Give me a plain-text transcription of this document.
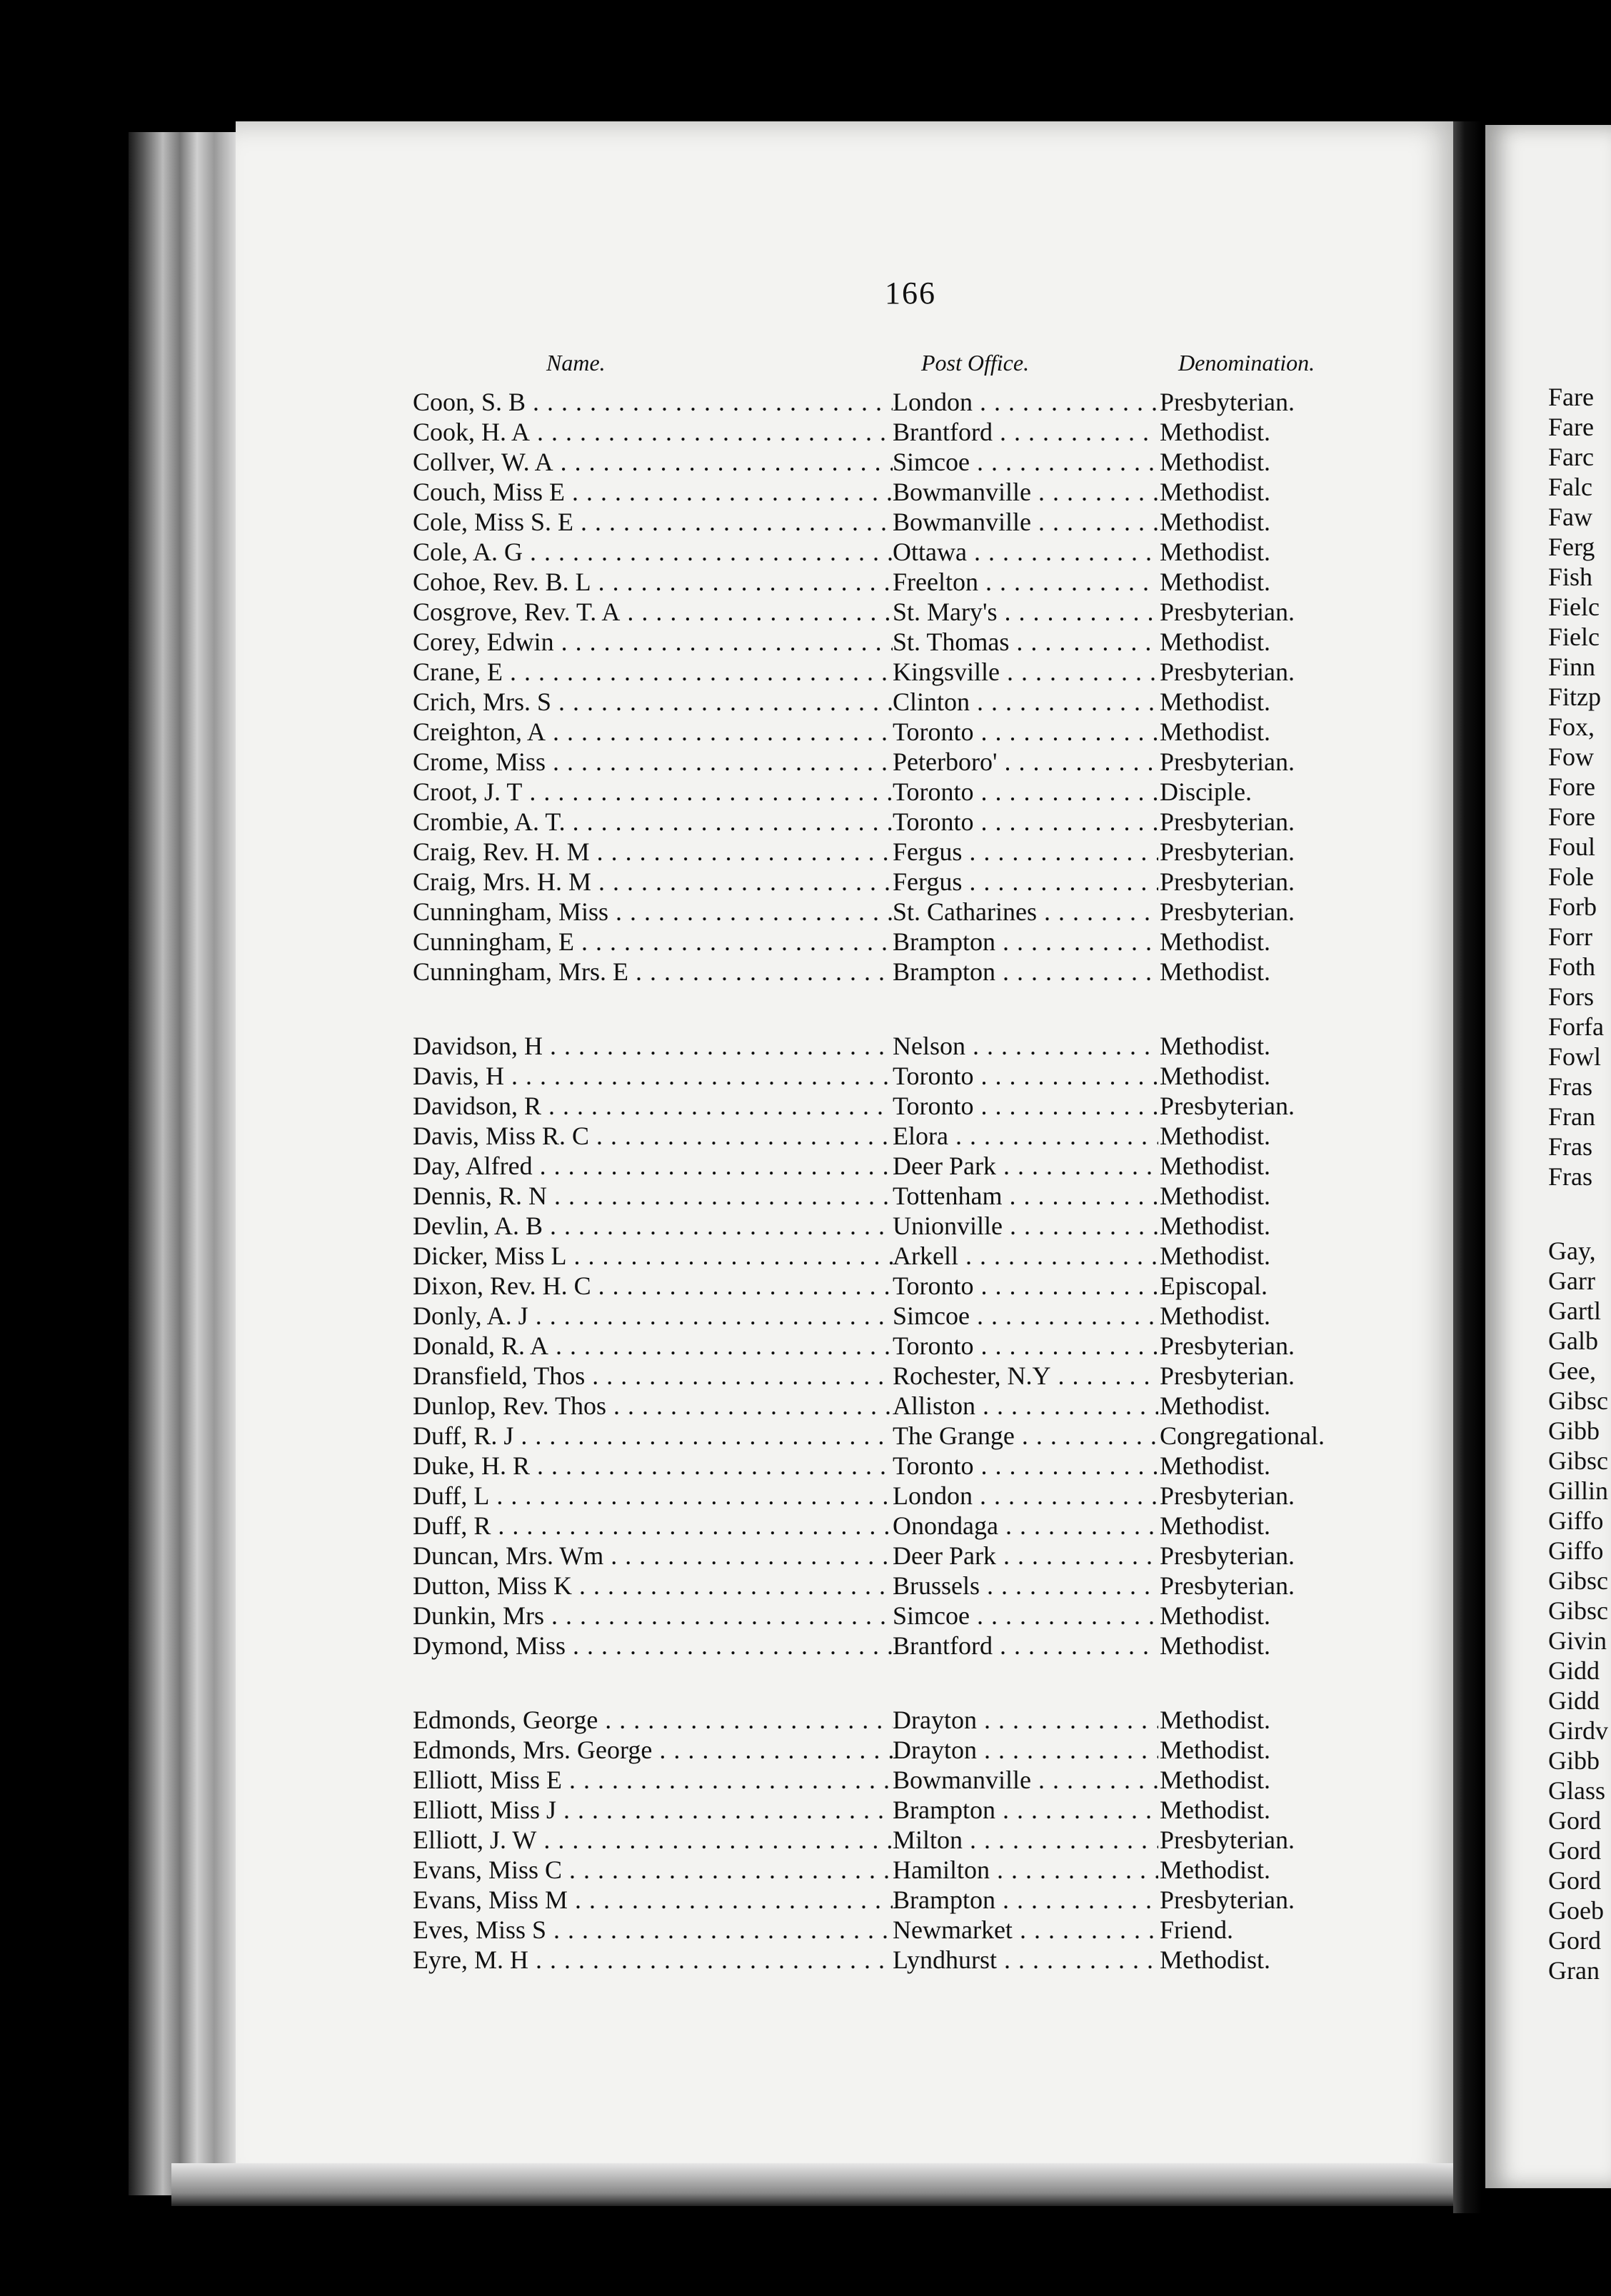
166
Name.	Post Office.	Denomination.
Coon, S. B . . .	London . . .	Presbyterian.
Cook, H. A . . .	Brantford . . .	Methodist.
Collver, W. A . . .	Simcoe . . .	Methodist.
Couch, Miss E . . .	Bowmanville . . .	Methodist.
Cole, Miss S. E . . .	Bowmanville . . .	Methodist.
Cole, A. G . . .	Ottawa . . .	Methodist.
Cohoe, Rev. B. L . . .	Freelton . . .	Methodist.
Cosgrove, Rev. T. A . . .	St. Mary's . . .	Presbyterian.
Corey, Edwin . . .	St. Thomas . . .	Methodist.
Crane, E . . .	Kingsville . . .	Presbyterian.
Crich, Mrs. S . . .	Clinton . . .	Methodist.
Creighton, A . . .	Toronto . . .	Methodist.
Crome, Miss . . .	Peterboro' . . .	Presbyterian.
Croot, J. T . . .	Toronto . . .	Disciple.
Crombie, A. T. . . .	Toronto . . .	Presbyterian.
Craig, Rev. H. M . . .	Fergus . . .	Presbyterian.
Craig, Mrs. H. M . . .	Fergus . . .	Presbyterian.
Cunningham, Miss . . .	St. Catharines . . .	Presbyterian.
Cunningham, E . . .	Brampton . . .	Methodist.
Cunningham, Mrs. E . . .	Brampton . . .	Methodist.
Davidson, H . . .	Nelson . . .	Methodist.
Davis, H . . .	Toronto . . .	Methodist.
Davidson, R . . .	Toronto . . .	Presbyterian.
Davis, Miss R. C . . .	Elora . . .	Methodist.
Day, Alfred . . .	Deer Park . . .	Methodist.
Dennis, R. N . . .	Tottenham . . .	Methodist.
Devlin, A. B . . .	Unionville . . .	Methodist.
Dicker, Miss L . . .	Arkell . . .	Methodist.
Dixon, Rev. H. C . . .	Toronto . . .	Episcopal.
Donly, A. J . . .	Simcoe . . .	Methodist.
Donald, R. A . . .	Toronto . . .	Presbyterian.
Dransfield, Thos . . .	Rochester, N.Y . . .	Presbyterian.
Dunlop, Rev. Thos . . .	Alliston . . .	Methodist.
Duff, R. J . . .	The Grange . . .	Congregational.
Duke, H. R . . .	Toronto . . .	Methodist.
Duff, L . . .	London . . .	Presbyterian.
Duff, R . . .	Onondaga . . .	Methodist.
Duncan, Mrs. Wm . . .	Deer Park . . .	Presbyterian.
Dutton, Miss K . . .	Brussels . . .	Presbyterian.
Dunkin, Mrs . . .	Simcoe . . .	Methodist.
Dymond, Miss . . .	Brantford . . .	Methodist.
Edmonds, George . . .	Drayton . . .	Methodist.
Edmonds, Mrs. George . . .	Drayton . . .	Methodist.
Elliott, Miss E . . .	Bowmanville . . .	Methodist.
Elliott, Miss J . . .	Brampton . . .	Methodist.
Elliott, J. W . . .	Milton . . .	Presbyterian.
Evans, Miss C . . .	Hamilton . . .	Methodist.
Evans, Miss M . . .	Brampton . . .	Presbyterian.
Eves, Miss S . . .	Newmarket . . .	Friend.
Eyre, M. H . . .	Lyndhurst . . .	Methodist.
Fare
Fare
Farc
Falc
Faw
Ferg
Fish
Fielc
Fielc
Finn
Fitzp
Fox,
Fow
Fore
Fore
Foul
Fole
Forb
Forr
Foth
Fors
Forfa
Fowl
Fras
Fran
Fras
Fras
Gay,
Garr
Gartl
Galb
Gee,
Gibsc
Gibb
Gibsc
Gillin
Giffo
Giffo
Gibsc
Gibsc
Givin
Gidd
Gidd
Girdv
Gibb
Glass
Gord
Gord
Gord
Goeb
Gord
Gran
